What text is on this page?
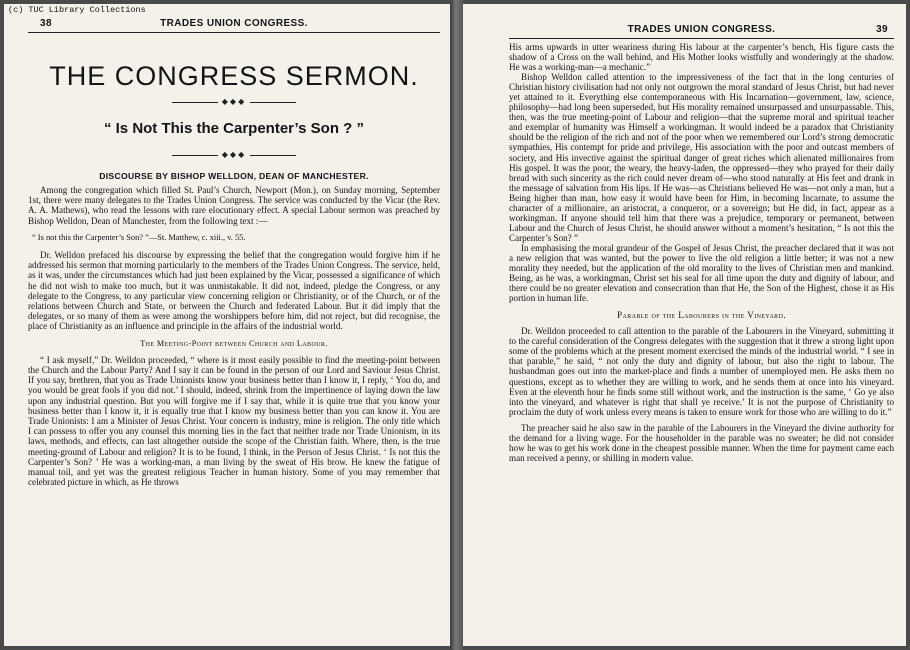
(c) TUC Library Collections
38	TRADES UNION CONGRESS.
THE CONGRESS SERMON.
◆◆◆
“ Is Not This the Carpenter’s Son ? ”
◆◆◆
DISCOURSE BY BISHOP WELLDON, DEAN OF MANCHESTER.

Among the congregation which filled St. Paul’s Church, Newport (Mon.), on Sunday morning, September 1st, there were many delegates to the Trades Union Congress. The service was conducted by the Vicar (the Rev. A. A. Mathews), who read the lessons with rare elocutionary effect. A special Labour sermon was preached by Bishop Welldon, Dean of Manchester, from the following text :—

“ Is not this the Carpenter’s Son? ”—St. Matthew, c. xiii., v. 55.

Dr. Welldon prefaced his discourse by expressing the belief that the congregation would forgive him if he addressed his sermon that morning particularly to the members of the Trades Union Congress. The service, held, as it was, under the circumstances which had just been explained by the Vicar, possessed a significance of which he did not wish to make too much, but it was unmistakable. It did not, indeed, pledge the Congress, or any delegate to the Congress, to any particular view concerning religion or Christianity, or of the Church, or of the relations between Church and State, or between the Church and federated Labour. But it did imply that the delegates, or so many of them as were among the worshippers before him, did not reject, but did recognise, the place of Christianity as an influence and principle in the affairs of the industrial world.

The Meeting-Point between Church and Labour.

“ I ask myself,” Dr. Welldon proceeded, “ where is it most easily possible to find the meeting-point between the Church and the Labour Party? And I say it can be found in the person of our Lord and Saviour Jesus Christ. If you say, brethren, that you as Trade Unionists know your business better than I know it, I reply, ‘ You do, and you would be great fools if you did not.’ I should, indeed, shrink from the impertinence of laying down the law upon any industrial question. But you will forgive me if I say that, while it is quite true that you know your business better than I know it, it is equally true that I know my business better than you can know it. You are Trade Unionists: I am a Minister of Jesus Christ. Your concern is industry, mine is religion. The only title which I can possess to offer you any counsel this morning lies in the fact that neither trade nor Trade Unionism, in its laws, methods, and effects, can last altogether outside the scope of the Christian faith. Where, then, is the true meeting-ground of Labour and religion? It is to be found, I think, in the Person of Jesus Christ. ‘ Is not this the Carpenter’s Son? ’ He was a working-man, a man living by the sweat of His brow. He knew the fatigue of manual toil, and yet was the greatest religious Teacher in human history. Some of you may remember that celebrated picture in which, as He throws

TRADES UNION CONGRESS.	39

His arms upwards in utter weariness during His labour at the carpenter’s bench, His figure casts the shadow of a Cross on the wall behind, and His Mother looks wistfully and wonderingly at the shadow. He was a working-man—a mechanic.”

Bishop Welldon called attention to the impressiveness of the fact that in the long centuries of Christian history civilisation had not only not outgrown the moral standard of Jesus Christ, but had never yet attained to it. Everything else contemporaneous with His Incarnation—government, law, science, philosophy—had long been superseded, but His morality remained unsurpassed and unsurpassable. This, then, was the true meeting-point of Labour and religion—that the supreme moral and spiritual teacher and exemplar of humanity was Himself a workingman. It would indeed be a paradox that Christianity should be the religion of the rich and not of the poor when we remembered our Lord’s strong democratic sympathies, His contempt for pride and privilege, His association with the poor and outcast members of society, and His invective against the spiritual danger of great riches which alienated millionaires from His gospel. It was the poor, the weary, the heavy-laden, the oppressed—they who prayed for their daily bread with such sincerity as the rich could never dream of—who stood naturally at His feet and drank in the message of salvation from His lips. If He was—as Christians believed He was—not only a man, but a Being higher than man, how easy it would have been for Him, in becoming Incarnate, to assume the character of a millionaire, an aristocrat, a conqueror, or a sovereign; but He did, in fact, appear as a workingman. If anyone should tell him that there was a prejudice, temporary or permanent, between Labour and the Church of Jesus Christ, he should answer without a moment’s hesitation, “ Is not this the Carpenter’s Son? ”

In emphasising the moral grandeur of the Gospel of Jesus Christ, the preacher declared that it was not a new religion that was wanted, but the power to live the old religion a little better; it was not a new morality they needed, but the application of the old morality to the lives of Christian men and mankind. Being, as he was, a workingman, Christ set his seal for all time upon the duty and dignity of labour, and there could be no greater elevation and consecration than that He, the Son of the Highest, chose it as His portion in human life.

Parable of the Labourers in the Vineyard.

Dr. Welldon proceeded to call attention to the parable of the Labourers in the Vineyard, submitting it to the careful consideration of the Congress delegates with the suggestion that it threw a strong light upon some of the problems which at the present moment exercised the minds of the industrial world. “ I see in that parable,” he said, “ not only the duty and dignity of labour, but also the right to labour. The husbandman goes out into the market-place and finds a number of unemployed men. He asks them no questions, except as to whether they are willing to work, and he sends them at once into his vineyard. Even at the eleventh hour he finds some still without work, and the instruction is the same, ‘ Go ye also into the vineyard, and whatever is right that shall ye receive.’ It is not the purpose of Christianity to proclaim the duty of work unless every means is taken to ensure work for those who are willing to do it.”

The preacher said he also saw in the parable of the Labourers in the Vineyard the divine authority for the demand for a living wage. For the householder in the parable was no sweater; he did not consider how he was to get his work done in the cheapest possible manner. When the time for payment came each man received a penny, or shilling in modern value.
